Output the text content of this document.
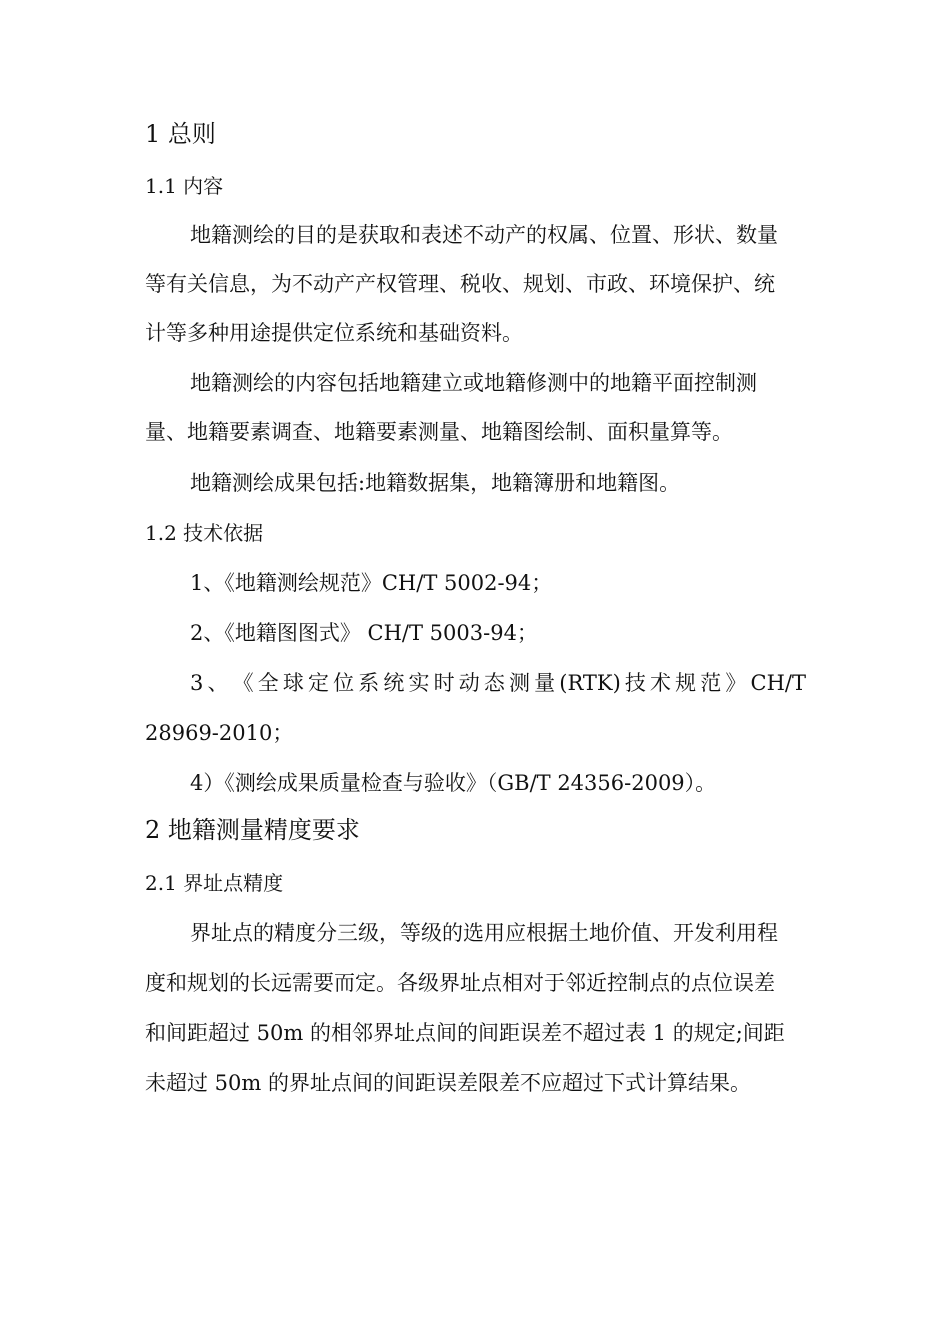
1 总则
1.1 内容
地籍测绘的目的是获取和表述不动产的权属、位置、形状、数量
等有关信息，为不动产产权管理、税收、规划、市政、环境保护、统
计等多种用途提供定位系统和基础资料。
地籍测绘的内容包括地籍建立或地籍修测中的地籍平面控制测
量、地籍要素调查、地籍要素测量、地籍图绘制、面积量算等。
地籍测绘成果包括:地籍数据集，地籍簿册和地籍图。
1.2 技术依据
1、《地籍测绘规范》CH/T 5002-94；
2、《地籍图图式》 CH/T 5003-94；
3 、 《 全 球 定 位 系 统 实 时 动 态 测 量 (RTK) 技 术 规 范 》 CH/T
28969-2010；
4）《测绘成果质量检查与验收》（GB/T 24356-2009）。
2 地籍测量精度要求
2.1 界址点精度
界址点的精度分三级，等级的选用应根据土地价值、开发利用程
度和规划的长远需要而定。各级界址点相对于邻近控制点的点位误差
和间距超过 50m 的相邻界址点间的间距误差不超过表 1 的规定;间距
未超过 50m 的界址点间的间距误差限差不应超过下式计算结果。
